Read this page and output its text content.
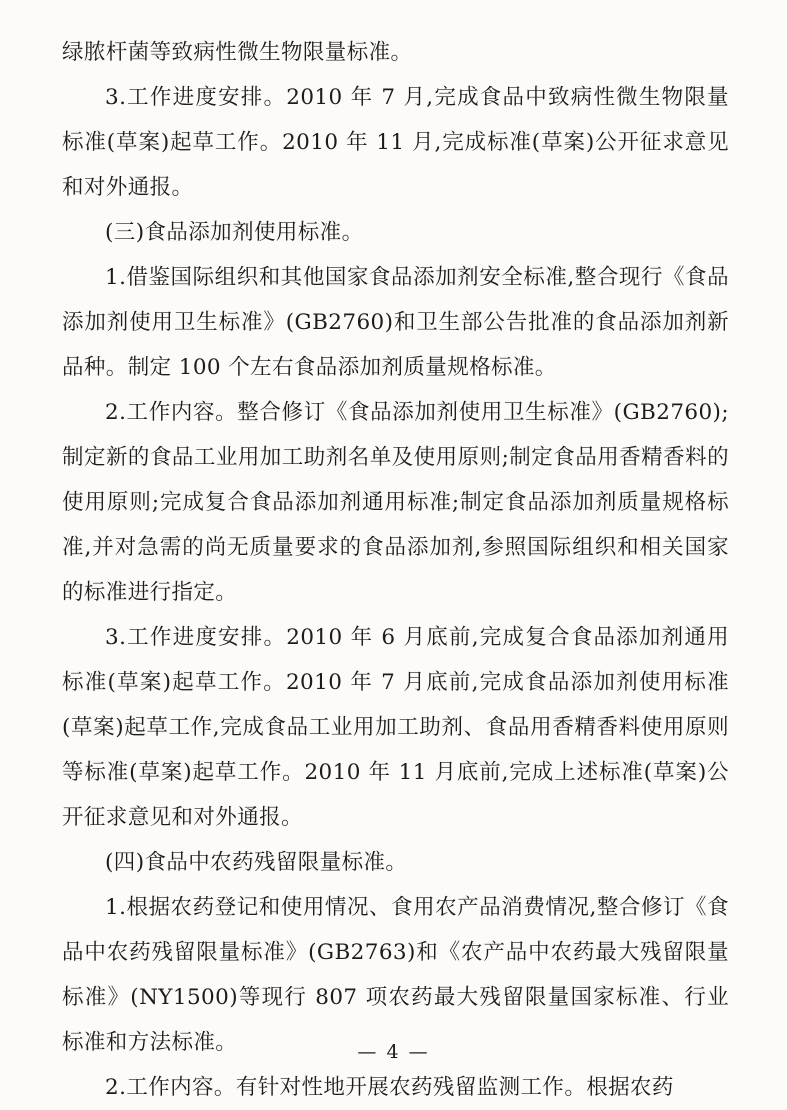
绿脓杆菌等致病性微生物限量标准。

3.工作进度安排。2010 年 7 月,完成食品中致病性微生物限量标准(草案)起草工作。2010 年 11 月,完成标准(草案)公开征求意见和对外通报。

(三)食品添加剂使用标准。

1.借鉴国际组织和其他国家食品添加剂安全标准,整合现行《食品添加剂使用卫生标准》(GB2760)和卫生部公告批准的食品添加剂新品种。制定 100 个左右食品添加剂质量规格标准。

2.工作内容。整合修订《食品添加剂使用卫生标准》(GB2760);制定新的食品工业用加工助剂名单及使用原则;制定食品用香精香料的使用原则;完成复合食品添加剂通用标准;制定食品添加剂质量规格标准,并对急需的尚无质量要求的食品添加剂,参照国际组织和相关国家的标准进行指定。

3.工作进度安排。2010 年 6 月底前,完成复合食品添加剂通用标准(草案)起草工作。2010 年 7 月底前,完成食品添加剂使用标准(草案)起草工作,完成食品工业用加工助剂、食品用香精香料使用原则等标准(草案)起草工作。2010 年 11 月底前,完成上述标准(草案)公开征求意见和对外通报。

(四)食品中农药残留限量标准。

1.根据农药登记和使用情况、食用农产品消费情况,整合修订《食品中农药残留限量标准》(GB2763)和《农产品中农药最大残留限量标准》(NY1500)等现行 807 项农药最大残留限量国家标准、行业标准和方法标准。

2.工作内容。有针对性地开展农药残留监测工作。根据农药

— 4 —
